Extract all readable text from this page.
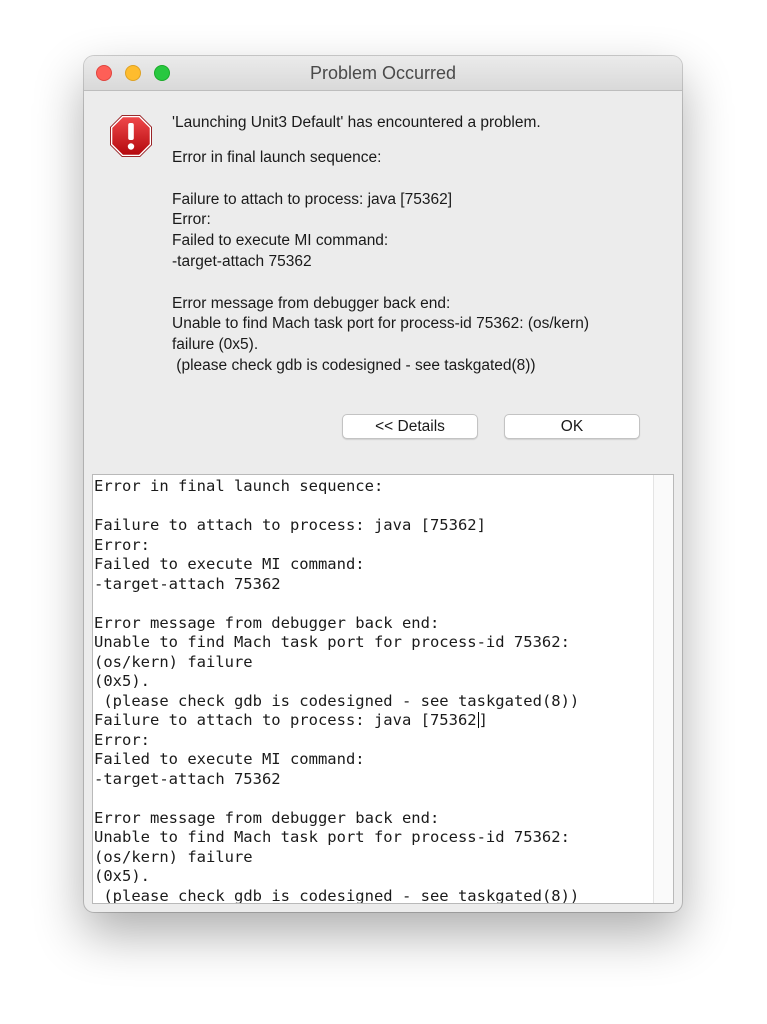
Problem Occurred

'Launching Unit3 Default' has encountered a problem.

Error in final launch sequence:

Failure to attach to process: java [75362]
Error:
Failed to execute MI command:
-target-attach 75362

Error message from debugger back end:
Unable to find Mach task port for process-id 75362: (os/kern)
failure (0x5).
(please check gdb is codesigned - see taskgated(8))

<< Details	OK
Error in final launch sequence:

Failure to attach to process: java [75362]
Error:
Failed to execute MI command:
-target-attach 75362

Error message from debugger back end:
Unable to find Mach task port for process-id 75362: (os/kern) failure
(0x5).
(please check gdb is codesigned - see taskgated(8))
Failure to attach to process: java [75362 ]
Error:
Failed to execute MI command:
-target-attach 75362

Error message from debugger back end:
Unable to find Mach task port for process-id 75362: (os/kern) failure
(0x5).
(please check gdb is codesigned - see taskgated(8))
